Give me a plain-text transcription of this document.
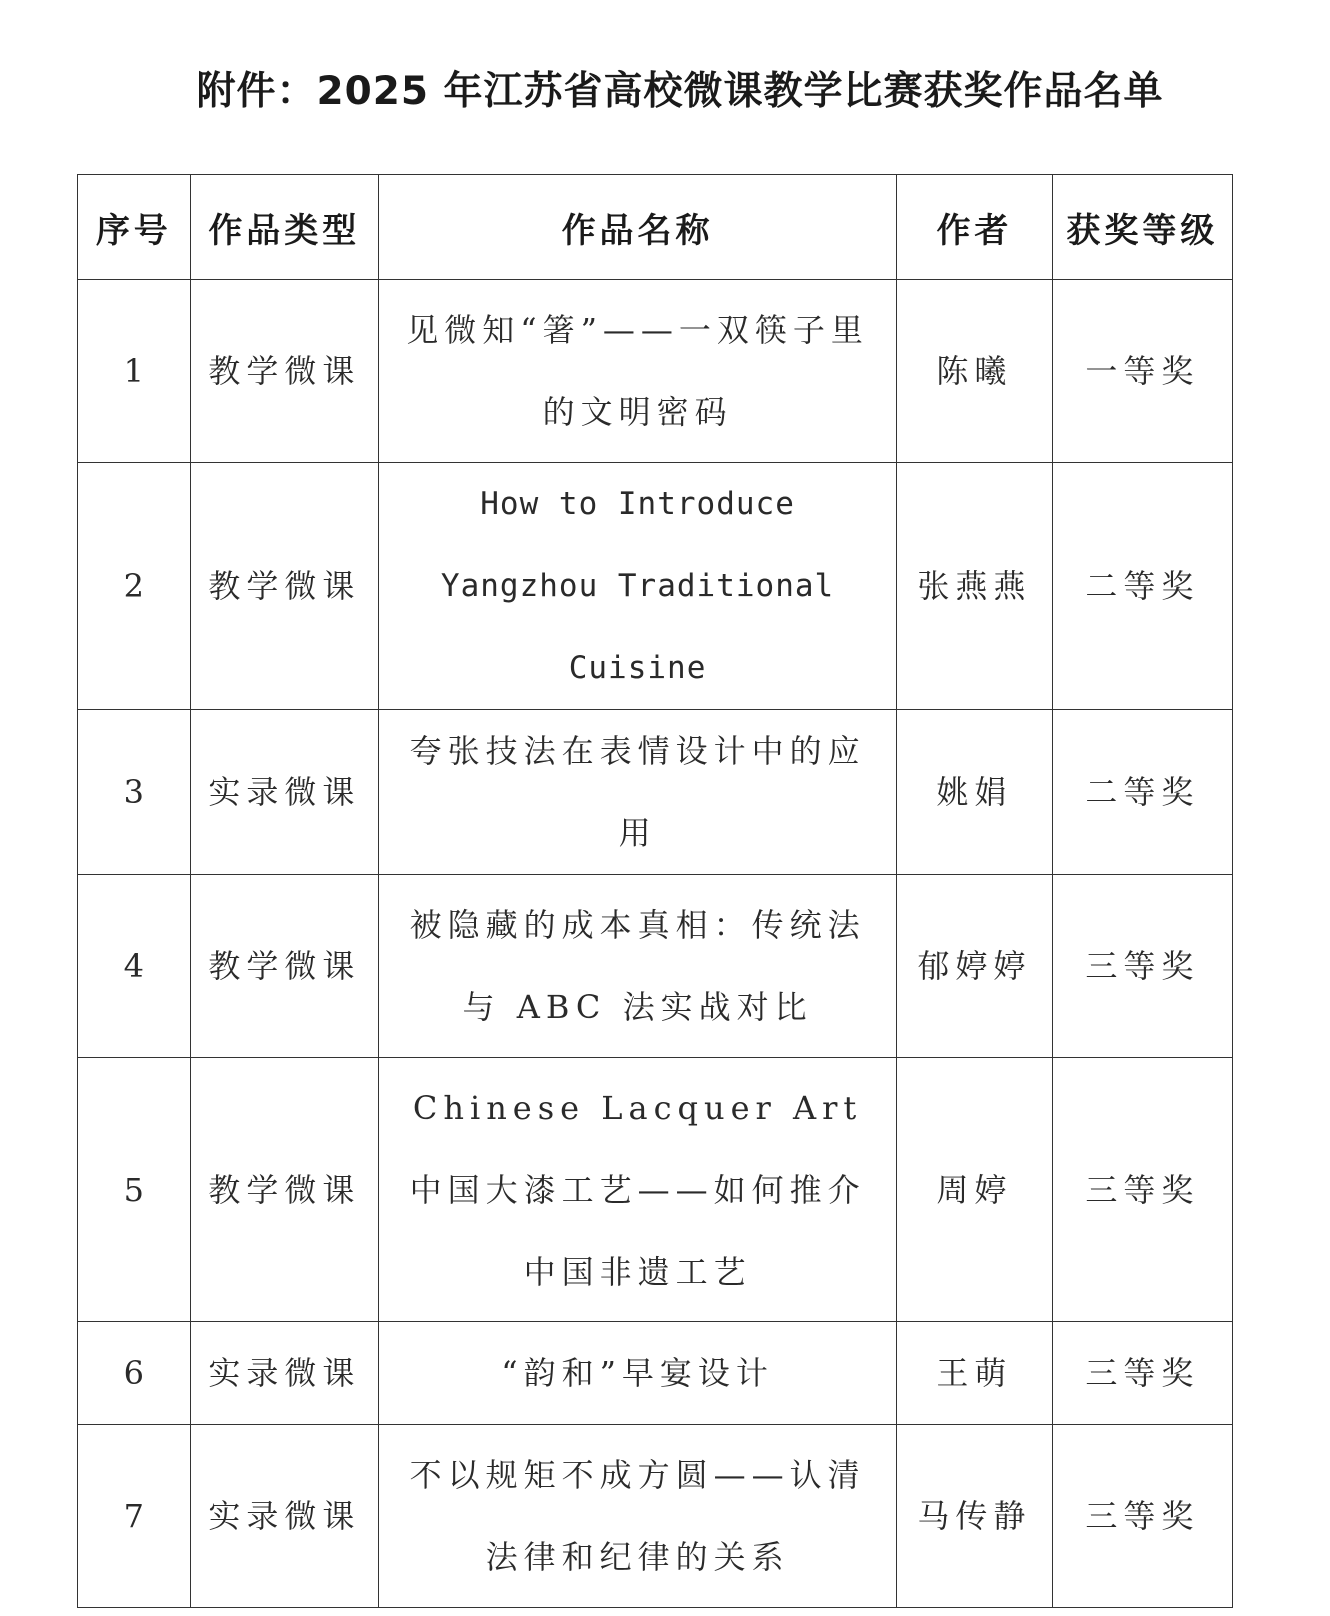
附件：2025 年江苏省高校微课教学比赛获奖作品名单
序号	作品类型	作品名称	作者	获奖等级
1	教学微课	见微知“箸”——一双筷子里的文明密码	陈曦	一等奖
2	教学微课	How to Introduce Yangzhou Traditional Cuisine	张燕燕	二等奖
3	实录微课	夸张技法在表情设计中的应用	姚娟	二等奖
4	教学微课	被隐藏的成本真相：传统法与 ABC 法实战对比	郁婷婷	三等奖
5	教学微课	Chinese Lacquer Art 中国大漆工艺——如何推介中国非遗工艺	周婷	三等奖
6	实录微课	“韵和”早宴设计	王萌	三等奖
7	实录微课	不以规矩不成方圆——认清法律和纪律的关系	马传静	三等奖
